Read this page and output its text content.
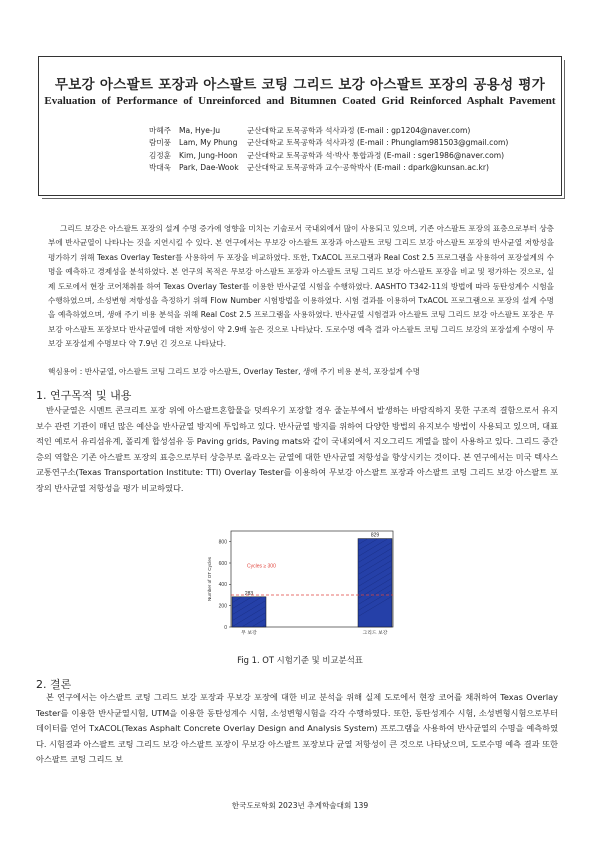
무보강 아스팔트 포장과 아스팔트 코팅 그리드 보강 아스팔트 포장의 공용성 평가
Evaluation of Performance of Unreinforced and Bitumnen Coated Grid Reinforced Asphalt Pavement
마헤주	Ma, Hye-Ju	군산대학교 토목공학과 석사과정 (E-mail : gp1204@naver.com)
람미풍	Lam, My Phung	군산대학교 토목공학과 석사과정 (E-mail : Phunglam981503@gmail.com)
김정훈	Kim, Jung-Hoon	군산대학교 토목공학과 석·박사 통합과정 (E-mail : sger1986@naver.com)
박대욱	Park, Dae-Wook	군산대학교 토목공학과 교수·공학박사 (E-mail : dpark@kunsan.ac.kr)

그리드 보강은 아스팔트 포장의 설계 수명 증가에 영향을 미치는 기술로서 국내외에서 많이 사용되고 있으며, 기존 아스팔트 포장의 표층으로부터 상층부에 반사균열이 나타나는 것을 지연시킬 수 있다. 본 연구에서는 무보강 아스팔트 포장과 아스팔트 코팅 그리드 보강 아스팔트 포장의 반사균열 저항성을 평가하기 위해 Texas Overlay Tester를 사용하여 두 포장을 비교하였다. 또한, TxACOL 프로그램과 Real Cost 2.5 프로그램을 사용하여 포장설계의 수명을 예측하고 경제성을 분석하였다. 본 연구의 목적은 무보강 아스팔트 포장과 아스팔트 코팅 그리드 보강 아스팔트 포장을 비교 및 평가하는 것으로, 실제 도로에서 현장 코어채취를 하여 Texas Overlay Tester를 이용한 반사균열 시험을 수행하였다. AASHTO T342-11의 방법에 따라 동탄성계수 시험을 수행하였으며, 소성변형 저항성을 측정하기 위해 Flow Number 시험방법을 이용하였다. 시험 결과를 이용하여 TxACOL 프로그램으로 포장의 설계 수명을 예측하였으며, 생애 주기 비용 분석을 위해 Real Cost 2.5 프로그램을 사용하였다. 반사균열 시험결과 아스팔트 코팅 그리드 보강 아스팔트 포장은 무보강 아스팔트 포장보다 반사균열에 대한 저항성이 약 2.9배 높은 것으로 나타났다. 도로수명 예측 결과 아스팔트 코팅 그리드 보강의 포장설계 수명이 무보강 포장설계 수명보다 약 7.9년 긴 것으로 나타났다.

핵심용어 : 반사균열, 아스팔트 코팅 그리드 보강 아스팔트, Overlay Tester, 생애 주기 비용 분석, 포장설계 수명
1. 연구목적 및 내용

반사균열은 시멘트 콘크리트 포장 위에 아스팔트혼합물을 덧씌우기 포장할 경우 줄눈부에서 발생하는 바람직하지 못한 구조적 결함으로서 유지보수 관련 기관이 매년 많은 예산을 반사균열 방지에 투입하고 있다. 반사균열 방지를 위하여 다양한 방법의 유지보수 방법이 사용되고 있으며, 대표적인 예로서 유리섬유계, 폴리계 합성섬유 등 Paving grids, Paving mats와 같이 국내외에서 지오그리드 계열을 많이 사용하고 있다. 그리드 중간층의 역할은 기존 아스팔트 포장의 표층으로부터 상층부로 올라오는 균열에 대한 반사균열 저항성을 향상시키는 것이다. 본 연구에서는 미국 텍사스교통연구소(Texas Transportation Institute: TTI) Overlay Tester를 이용하여 무보강 아스팔트 포장과 아스팔트 코팅 그리드 보강 아스팔트 포장의 반사균열 저항성을 평가 비교하였다.

0
200
400
600
800
Number of OT Cycles	283
무 보강
829
그리드 보강
Cycles ≥ 300
Fig 1. OT 시험기준 및 비교분석표
2. 결론

본 연구에서는 아스팔트 코팅 그리드 보강 포장과 무보강 포장에 대한 비교 분석을 위해 실제 도로에서 현장 코어를 채취하여 Texas Overlay Tester를 이용한 반사균열시험, UTM을 이용한 동탄성계수 시험, 소성변형시험을 각각 수행하였다. 또한, 동탄성계수 시험, 소성변형시험으로부터 데이터를 얻어 TxACOL(Texas Asphalt Concrete Overlay Design and Analysis System) 프로그램을 사용하여 반사균열의 수명을 예측하였다. 시험결과 아스팔트 코팅 그리드 보강 아스팔트 포장이 무보강 아스팔트 포장보다 균열 저항성이 큰 것으로 나타났으며, 도로수명 예측 결과 또한 아스팔트 코팅 그리드 보

한국도로학회 2023년 추계학술대회 139
